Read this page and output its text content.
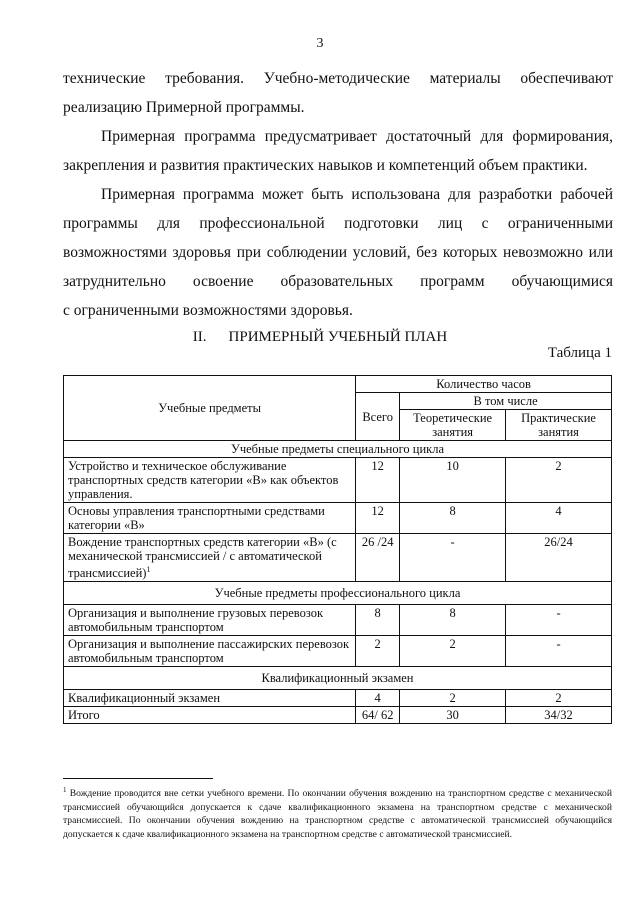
3
технические требования. Учебно-методические материалы обеспечивают
реализацию Примерной программы.
Примерная программа предусматривает достаточный для формирования,
закрепления и развития практических навыков и компетенций объем практики.
Примерная программа может быть использована для разработки рабочей
программы для профессиональной подготовки лиц с ограниченными
возможностями здоровья при соблюдении условий, без которых невозможно или
затруднительно освоение образовательных программ обучающимися
с ограниченными возможностями здоровья.
II. ПРИМЕРНЫЙ УЧЕБНЫЙ ПЛАН
Таблица 1
Учебные предметы	Количество часов		
	Всего	В том числе	
		Теоретические занятия	Практические занятия
Учебные предметы специального цикла			
Устройство и техническое обслуживание транспортных средств категории «В» как объектов управления.	12	10	2
Основы управления транспортными средствами категории «В»	12	8	4
Вождение транспортных средств категории «В» (с механической трансмиссией / с автоматической трансмиссией)$^1$	26 /24	-	26/24
Учебные предметы профессионального цикла			
Организация и выполнение грузовых перевозок автомобильным транспортом	8	8	-
Организация и выполнение пассажирских перевозок автомобильным транспортом	2	2	-
Квалификационный экзамен			
Квалификационный экзамен	4	2	2
Итого	64/ 62	30	34/32
$^1$ Вождение проводится вне сетки учебного времени. По окончании обучения вождению на транспортном средстве с механической трансмиссией обучающийся допускается к сдаче квалификационного экзамена на транспортном средстве с механической трансмиссией. По окончании обучения вождению на транспортном средстве с автоматической трансмиссией обучающийся допускается к сдаче квалификационного экзамена на транспортном средстве с автоматической трансмиссией.
